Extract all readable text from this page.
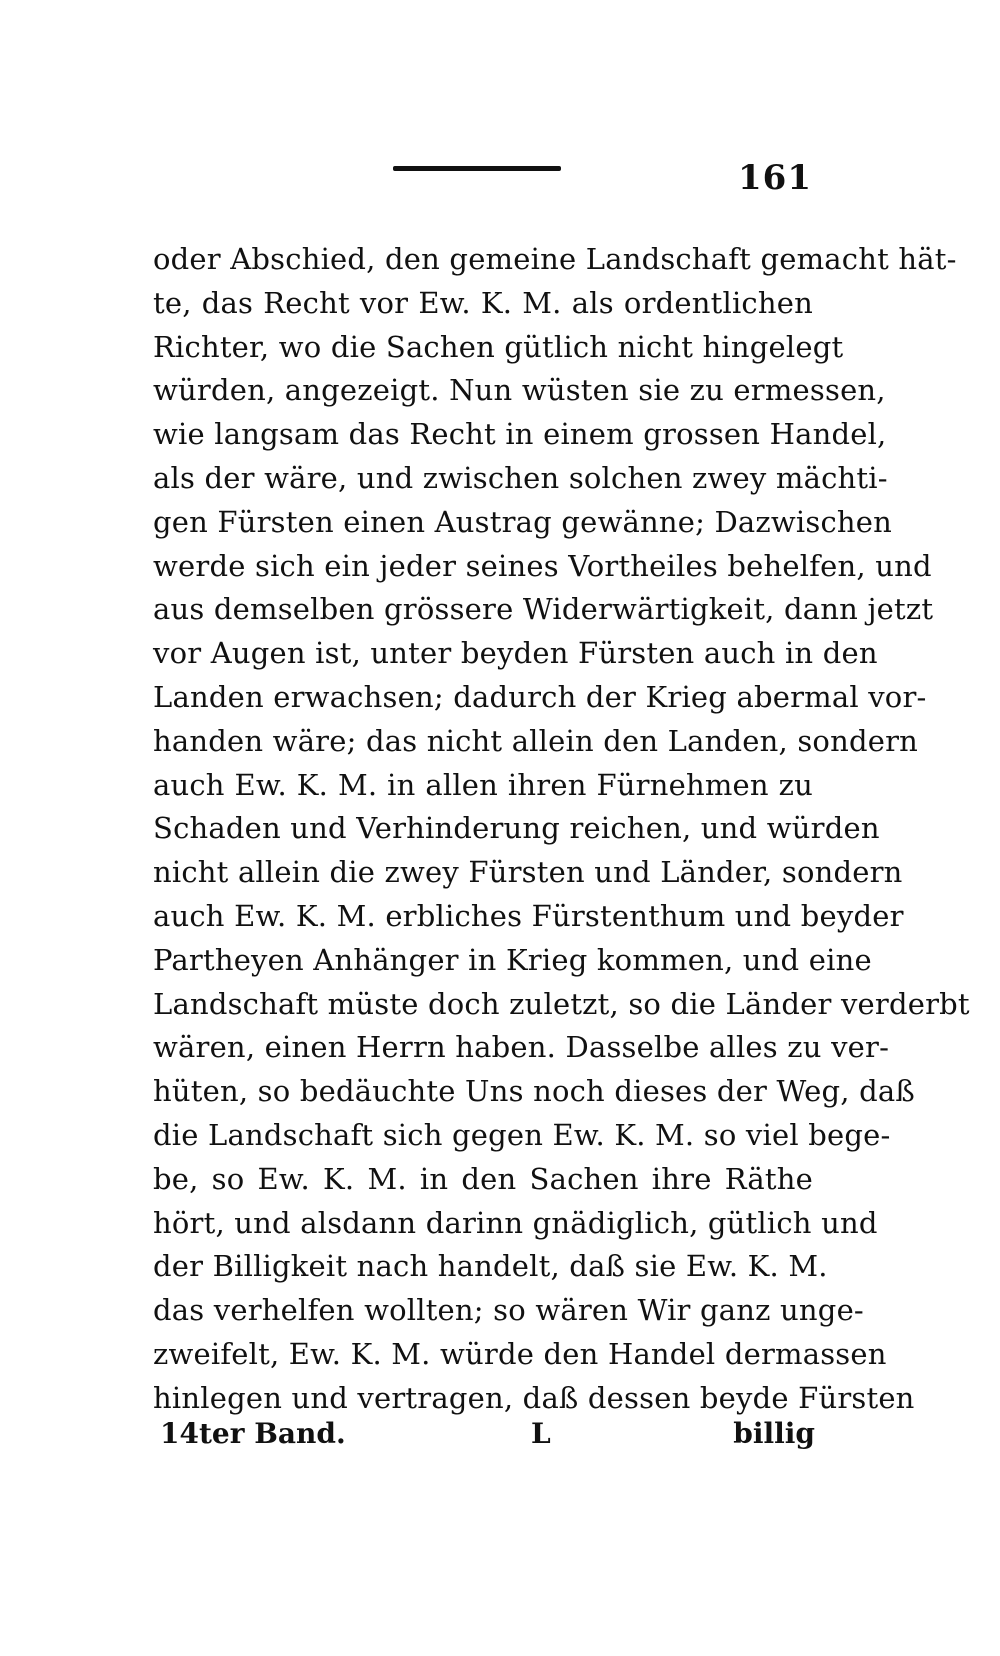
161
oder Abschied, den gemeine Landschaft gemacht hät-
te, das Recht vor Ew. K. M. als ordentlichen
Richter, wo die Sachen gütlich nicht hingelegt
würden, angezeigt. Nun wüsten sie zu ermessen,
wie langsam das Recht in einem grossen Handel,
als der wäre, und zwischen solchen zwey mächti-
gen Fürsten einen Austrag gewänne; Dazwischen
werde sich ein jeder seines Vortheiles behelfen, und
aus demselben grössere Widerwärtigkeit, dann jetzt
vor Augen ist, unter beyden Fürsten auch in den
Landen erwachsen; dadurch der Krieg abermal vor-
handen wäre; das nicht allein den Landen, sondern
auch Ew. K. M. in allen ihren Fürnehmen zu
Schaden und Verhinderung reichen, und würden
nicht allein die zwey Fürsten und Länder, sondern
auch Ew. K. M. erbliches Fürstenthum und beyder
Partheyen Anhänger in Krieg kommen, und eine
Landschaft müste doch zuletzt, so die Länder verderbt
wären, einen Herrn haben. Dasselbe alles zu ver-
hüten, so bedäuchte Uns noch dieses der Weg, daß
die Landschaft sich gegen Ew. K. M. so viel bege-
be, so Ew. K. M. in den Sachen ihre Räthe
hört, und alsdann darinn gnädiglich, gütlich und
der Billigkeit nach handelt, daß sie Ew. K. M.
das verhelfen wollten; so wären Wir ganz unge-
zweifelt, Ew. K. M. würde den Handel dermassen
hinlegen und vertragen, daß dessen beyde Fürsten
14ter Band.	L	billig
